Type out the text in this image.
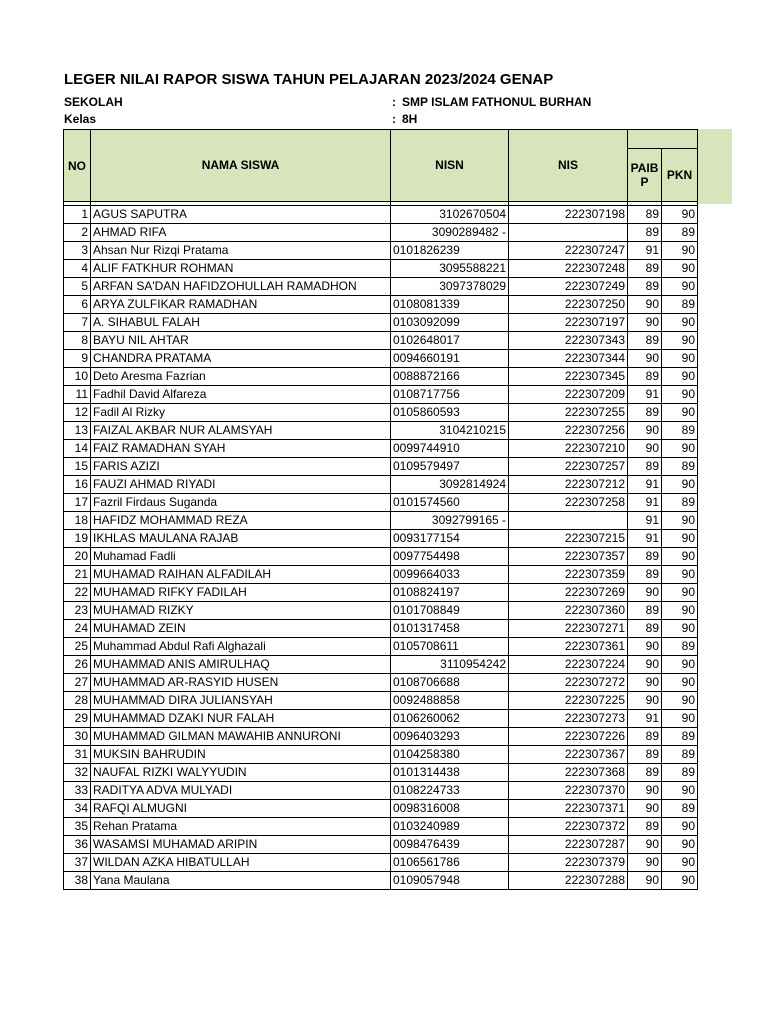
LEGER NILAI RAPOR SISWA TAHUN PELAJARAN 2023/2024 GENAP
SEKOLAH	: SMP ISLAM FATHONUL BURHAN
Kelas	: 8H
NO	NAMA SISWA	NISN	NIS		
				PAIB P	PKN

1	AGUS SAPUTRA	3102670504	222307198	89	90
2	AHMAD RIFA	3090289482 -		89	89
3	Ahsan Nur Rizqi Pratama	0101826239	222307247	91	90
4	ALIF FATKHUR ROHMAN	3095588221	222307248	89	90
5	ARFAN SA'DAN HAFIDZOHULLAH RAMADHON	3097378029	222307249	89	90
6	ARYA ZULFIKAR RAMADHAN	0108081339	222307250	90	89
7	A. SIHABUL FALAH	0103092099	222307197	90	90
8	BAYU NIL AHTAR	0102648017	222307343	89	90
9	CHANDRA PRATAMA	0094660191	222307344	90	90
10	Deto Aresma Fazrian	0088872166	222307345	89	90
11	Fadhil David Alfareza	0108717756	222307209	91	90
12	Fadil Al Rizky	0105860593	222307255	89	90
13	FAIZAL AKBAR NUR ALAMSYAH	3104210215	222307256	90	89
14	FAIZ RAMADHAN SYAH	0099744910	222307210	90	90
15	FARIS AZIZI	0109579497	222307257	89	89
16	FAUZI AHMAD RIYADI	3092814924	222307212	91	90
17	Fazril Firdaus Suganda	0101574560	222307258	91	89
18	HAFIDZ MOHAMMAD REZA	3092799165 -		91	90
19	IKHLAS MAULANA RAJAB	0093177154	222307215	91	90
20	Muhamad Fadli	0097754498	222307357	89	90
21	MUHAMAD RAIHAN ALFADILAH	0099664033	222307359	89	90
22	MUHAMAD RIFKY FADILAH	0108824197	222307269	90	90
23	MUHAMAD RIZKY	0101708849	222307360	89	90
24	MUHAMAD ZEIN	0101317458	222307271	89	90
25	Muhammad Abdul Rafi Alghazali	0105708611	222307361	90	89
26	MUHAMMAD ANIS AMIRULHAQ	3110954242	222307224	90	90
27	MUHAMMAD AR-RASYID HUSEN	0108706688	222307272	90	90
28	MUHAMMAD DIRA JULIANSYAH	0092488858	222307225	90	90
29	MUHAMMAD DZAKI NUR FALAH	0106260062	222307273	91	90
30	MUHAMMAD GILMAN MAWAHIB ANNURONI	0096403293	222307226	89	89
31	MUKSIN BAHRUDIN	0104258380	222307367	89	89
32	NAUFAL RIZKI WALYYUDIN	0101314438	222307368	89	89
33	RADITYA ADVA MULYADI	0108224733	222307370	90	90
34	RAFQI ALMUGNI	0098316008	222307371	90	89
35	Rehan Pratama	0103240989	222307372	89	90
36	WASAMSI MUHAMAD ARIPIN	0098476439	222307287	90	90
37	WILDAN AZKA HIBATULLAH	0106561786	222307379	90	90
38	Yana Maulana	0109057948	222307288	90	90
